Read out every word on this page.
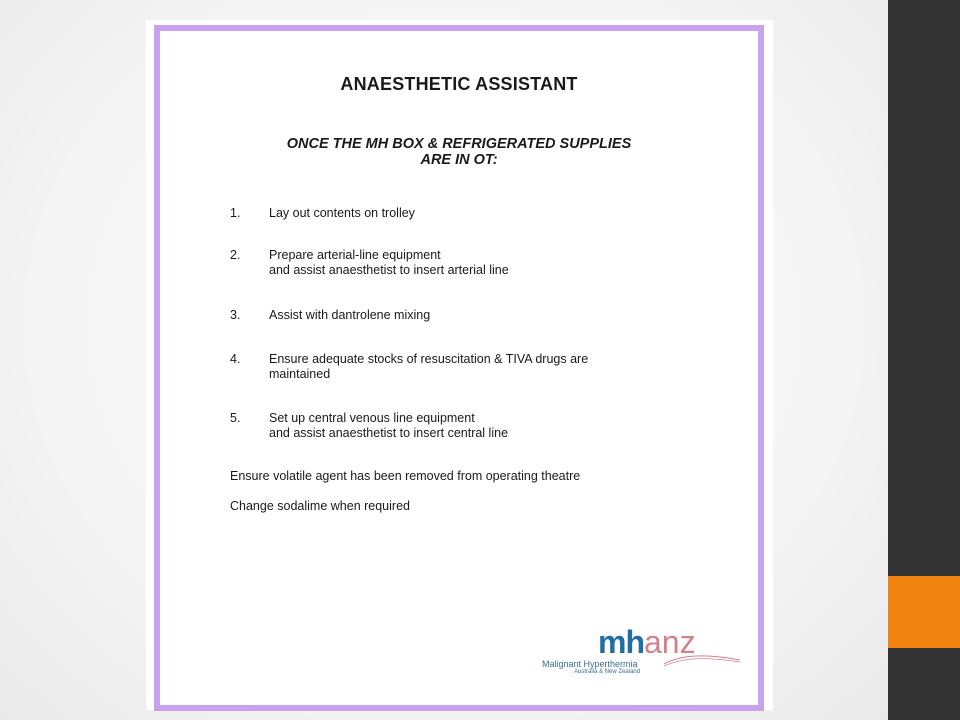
ANAESTHETIC ASSISTANT
ONCE THE MH BOX & REFRIGERATED SUPPLIES
ARE IN OT:
1.	Lay out contents on trolley
2.	Prepare arterial-line equipment
and assist anaesthetist to insert arterial line
3.	Assist with dantrolene mixing
4.	Ensure adequate stocks of resuscitation & TIVA drugs are
maintained
5.	Set up central venous line equipment
and assist anaesthetist to insert central line
Ensure volatile agent has been removed from operating theatre
Change sodalime when required
mhanz
Malignant Hyperthermia
Australia & New Zealand
